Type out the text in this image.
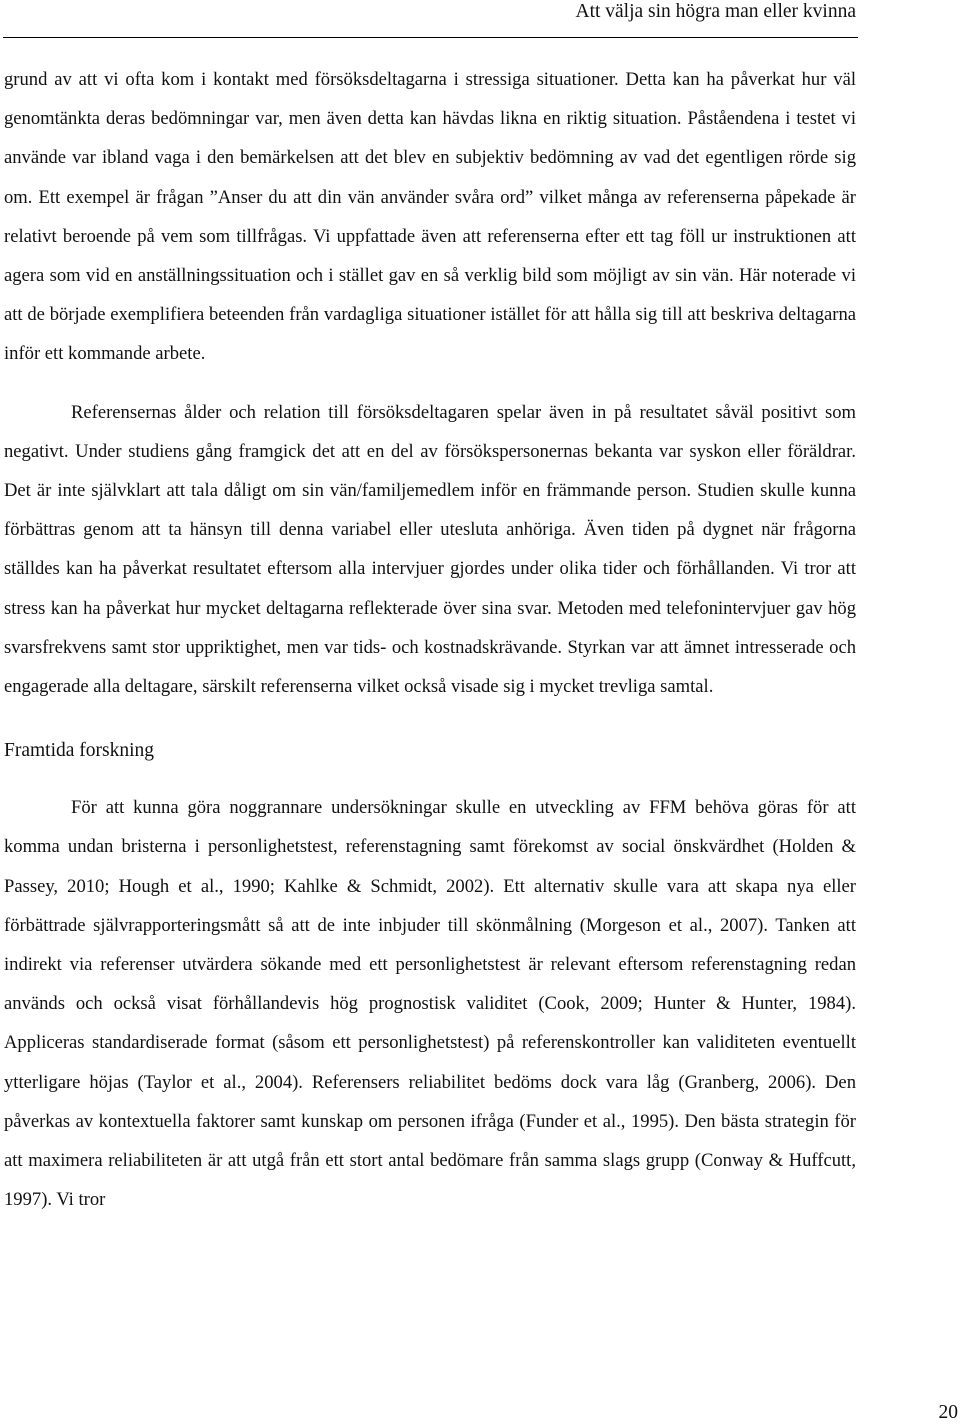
Att välja sin högra man eller kvinna

grund av att vi ofta kom i kontakt med försöksdeltagarna i stressiga situationer. Detta kan ha påverkat hur väl genomtänkta deras bedömningar var, men även detta kan hävdas likna en riktig situation. Påståendena i testet vi använde var ibland vaga i den bemärkelsen att det blev en subjektiv bedömning av vad det egentligen rörde sig om. Ett exempel är frågan ”Anser du att din vän använder svåra ord” vilket många av referenserna påpekade är relativt beroende på vem som tillfrågas. Vi uppfattade även att referenserna efter ett tag föll ur instruktionen att agera som vid en anställningssituation och i stället gav en så verklig bild som möjligt av sin vän. Här noterade vi att de började exemplifiera beteenden från vardagliga situationer istället för att hålla sig till att beskriva deltagarna inför ett kommande arbete.

Referensernas ålder och relation till försöksdeltagaren spelar även in på resultatet såväl positivt som negativt. Under studiens gång framgick det att en del av försökspersonernas bekanta var syskon eller föräldrar. Det är inte självklart att tala dåligt om sin vän/familjemedlem inför en främmande person. Studien skulle kunna förbättras genom att ta hänsyn till denna variabel eller utesluta anhöriga. Även tiden på dygnet när frågorna ställdes kan ha påverkat resultatet eftersom alla intervjuer gjordes under olika tider och förhållanden. Vi tror att stress kan ha påverkat hur mycket deltagarna reflekterade över sina svar. Metoden med telefonintervjuer gav hög svarsfrekvens samt stor uppriktighet, men var tids- och kostnadskrävande. Styrkan var att ämnet intresserade och engagerade alla deltagare, särskilt referenserna vilket också visade sig i mycket trevliga samtal.

Framtida forskning

För att kunna göra noggrannare undersökningar skulle en utveckling av FFM behöva göras för att komma undan bristerna i personlighetstest, referenstagning samt förekomst av social önskvärdhet (Holden & Passey, 2010; Hough et al., 1990; Kahlke & Schmidt, 2002). Ett alternativ skulle vara att skapa nya eller förbättrade självrapporteringsmått så att de inte inbjuder till skönmålning (Morgeson et al., 2007). Tanken att indirekt via referenser utvärdera sökande med ett personlighetstest är relevant eftersom referenstagning redan används och också visat förhållandevis hög prognostisk validitet (Cook, 2009; Hunter & Hunter, 1984). Appliceras standardiserade format (såsom ett personlighetstest) på referenskontroller kan validiteten eventuellt ytterligare höjas (Taylor et al., 2004). Referensers reliabilitet bedöms dock vara låg (Granberg, 2006). Den påverkas av kontextuella faktorer samt kunskap om personen ifråga (Funder et al., 1995). Den bästa strategin för att maximera reliabiliteten är att utgå från ett stort antal bedömare från samma slags grupp (Conway & Huffcutt, 1997). Vi tror

20
